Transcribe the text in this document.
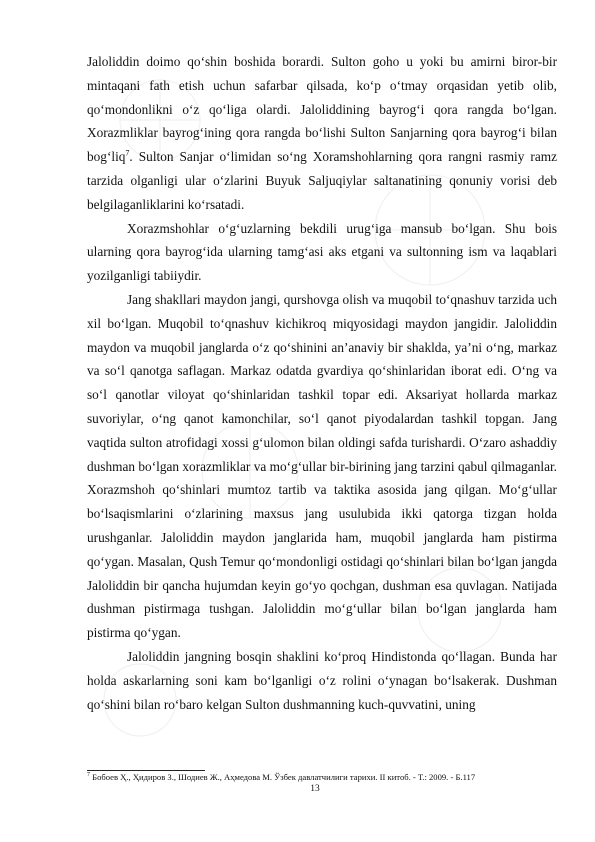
Jaloliddin doimo qo‘shin boshida borardi. Sulton goho u yoki bu amirni biror-bir mintaqani fath etish uchun safarbar qilsada, ko‘p o‘tmay orqasidan yetib olib, qo‘mondonlikni o‘z qo‘liga olardi. Jaloliddining bayrog‘i qora rangda bo‘lgan. Xorazmliklar bayrog‘ining qora rangda bo‘lishi Sulton Sanjarning qora bayrog‘i bilan bog‘liq$^7$. Sulton Sanjar o‘limidan so‘ng Xoramshohlarning qora rangni rasmiy ramz tarzida olganligi ular o‘zlarini Buyuk Saljuqiylar saltanatining qonuniy vorisi deb belgilaganliklarini ko‘rsatadi.

Xorazmshohlar o‘g‘uzlarning bekdili urug‘iga mansub bo‘lgan. Shu bois ularning qora bayrog‘ida ularning tamg‘asi aks etgani va sultonning ism va laqablari yozilganligi tabiiydir.

Jang shakllari maydon jangi, qurshovga olish va muqobil to‘qnashuv tarzida uch xil bo‘lgan. Muqobil to‘qnashuv kichikroq miqyosidagi maydon jangidir. Jaloliddin maydon va muqobil janglarda o‘z qo‘shinini an’anaviy bir shaklda, ya’ni o‘ng, markaz va so‘l qanotga saflagan. Markaz odatda gvardiya qo‘shinlaridan iborat edi. O‘ng va so‘l qanotlar viloyat qo‘shinlaridan tashkil topar edi. Aksariyat hollarda markaz suvoriylar, o‘ng qanot kamonchilar, so‘l qanot piyodalardan tashkil topgan. Jang vaqtida sulton atrofidagi xossi g‘ulomon bilan oldingi safda turishardi. O‘zaro ashaddiy dushman bo‘lgan xorazmliklar va mo‘g‘ullar bir-birining jang tarzini qabul qilmaganlar. Xorazmshoh qo‘shinlari mumtoz tartib va taktika asosida jang qilgan. Mo‘g‘ullar bo‘lsaqismlarini o‘zlarining maxsus jang usulubida ikki qatorga tizgan holda urushganlar. Jaloliddin maydon janglarida ham, muqobil janglarda ham pistirma qo‘ygan. Masalan, Qush Temur qo‘mondonligi ostidagi qo‘shinlari bilan bo‘lgan jangda Jaloliddin bir qancha hujumdan keyin go‘yo qochgan, dushman esa quvlagan. Natijada dushman pistirmaga tushgan. Jaloliddin mo‘g‘ullar bilan bo‘lgan janglarda ham pistirma qo‘ygan.

Jaloliddin jangning bosqin shaklini ko‘proq Hindistonda qo‘llagan. Bunda har holda askarlarning soni kam bo‘lganligi o‘z rolini o‘ynagan bo‘lsakerak. Dushman qo‘shini bilan ro‘baro kelgan Sulton dushmanning kuch-quvvatini, uning

$^7$ Бобоев Ҳ., Ҳидиров З., Шодиев Ж., Аҳмедова М. Ўзбек давлатчилиги тарихи. II китоб. - Т.: 2009. - Б.117
13
